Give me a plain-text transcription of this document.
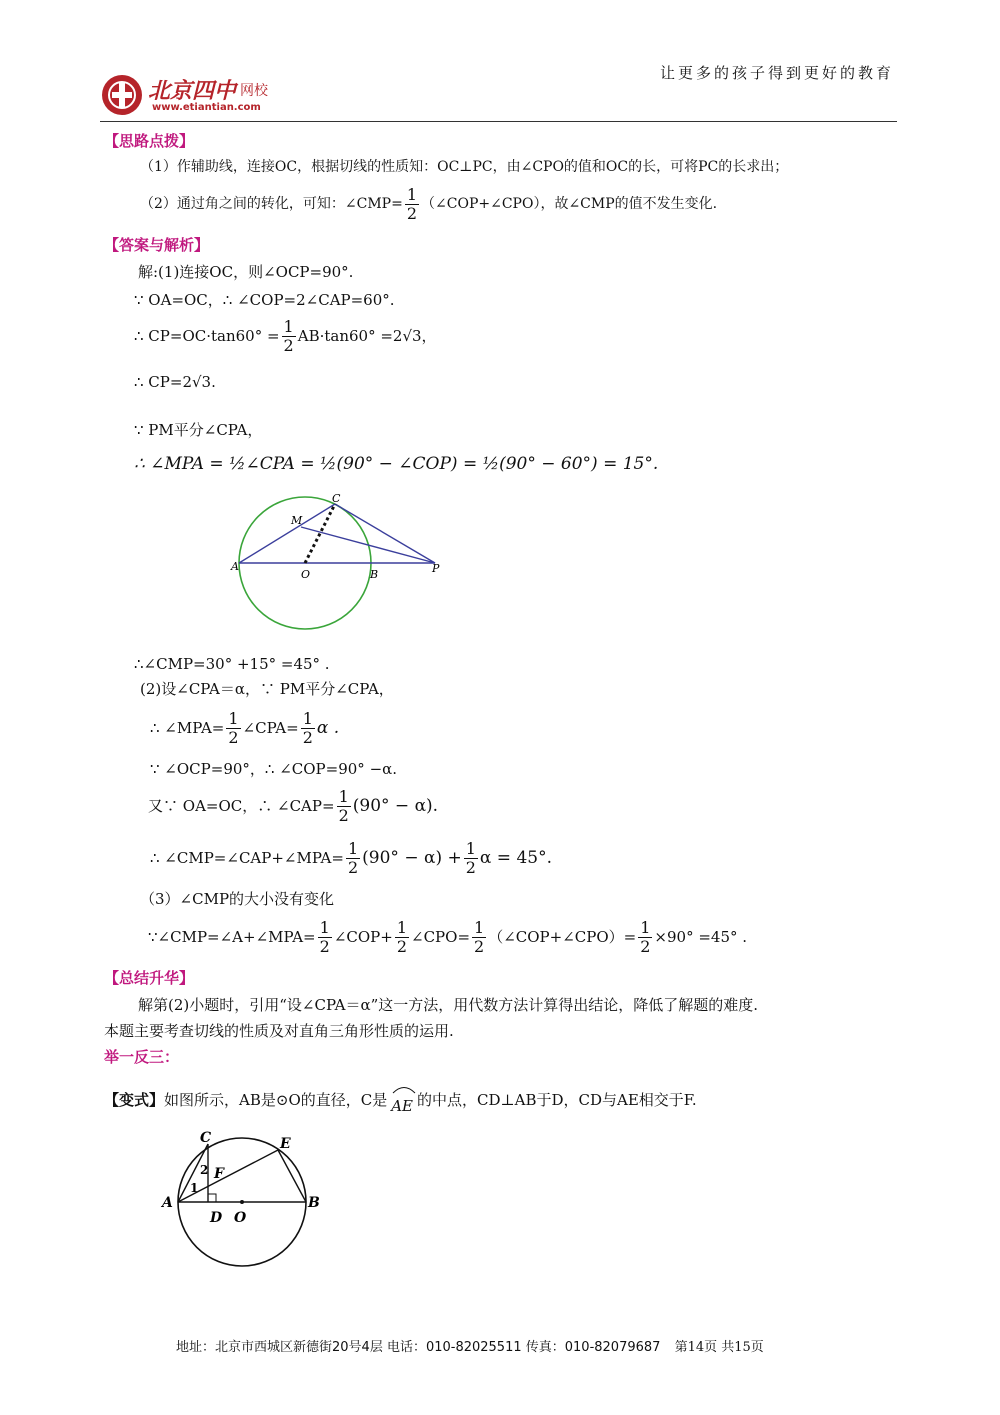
北京四中 网校
www.etiantian.com
让更多的孩子得到更好的教育
【思路点拨】
（1）作辅助线，连接OC，根据切线的性质知：OC⊥PC，由∠CPO的值和OC的长，可将PC的长求出；
（2）通过角之间的转化，可知：∠CMP= $\frac{1}{2}$ （∠COP+∠CPO），故∠CMP的值不发生变化.
【答案与解析】
解:(1)连接OC，则∠OCP=90°.
∵ OA=OC，∴ ∠COP=2∠CAP=60°.
∴ $CP=OC\cdot\tan 60^\circ = \frac{1}{2} AB\cdot\tan 60^\circ =2√3$，
∴ CP=2√3.
∵ PM平分∠CPA，
∴ ∠MPA = ½∠CPA = ½(90° − ∠COP) = ½(90° − 60°) = 15°.
A
O	B	P
C
M
∴∠CMP=30° +15° =45° .
(2)设∠CPA＝α，∵ PM平分∠CPA，
∴ ∠MPA= $\frac{1}{2}$ ∠CPA= $\frac{1}{2}$ α .
∵ ∠OCP=90°，∴ ∠COP=90° −α.
又∵ OA=OC，∴ ∠CAP= $\frac{1}{2} (90^\circ - \alpha)$.
∴ ∠CMP=∠CAP+∠MPA= $\frac{1}{2} (90^\circ - \alpha) + \frac{1}{2}$ α = 45°.
（3）∠CMP的大小没有变化
∵∠CMP=∠A+∠MPA= $\frac{1}{2}$ ∠COP+ $\frac{1}{2}$ ∠CPO= $\frac{1}{2}$ （∠COP+∠CPO）= $\frac{1}{2} \times 90^\circ =45^\circ$ .
【总结升华】
解第(2)小题时，引用“设∠CPA＝α”这一方法，用代数方法计算得出结论，降低了解题的难度.
本题主要考查切线的性质及对直角三角形性质的运用.
举一反三：
【变式】 如图所示，AB是⊙O的直径，C是 AE 的中点，CD⊥AB于D，CD与AE相交于F.
A	B
C
D O
E
F
1
2
地址：北京市西城区新德街20号4层 电话：010-82025511 传真：010-82079687 第14页 共15页
